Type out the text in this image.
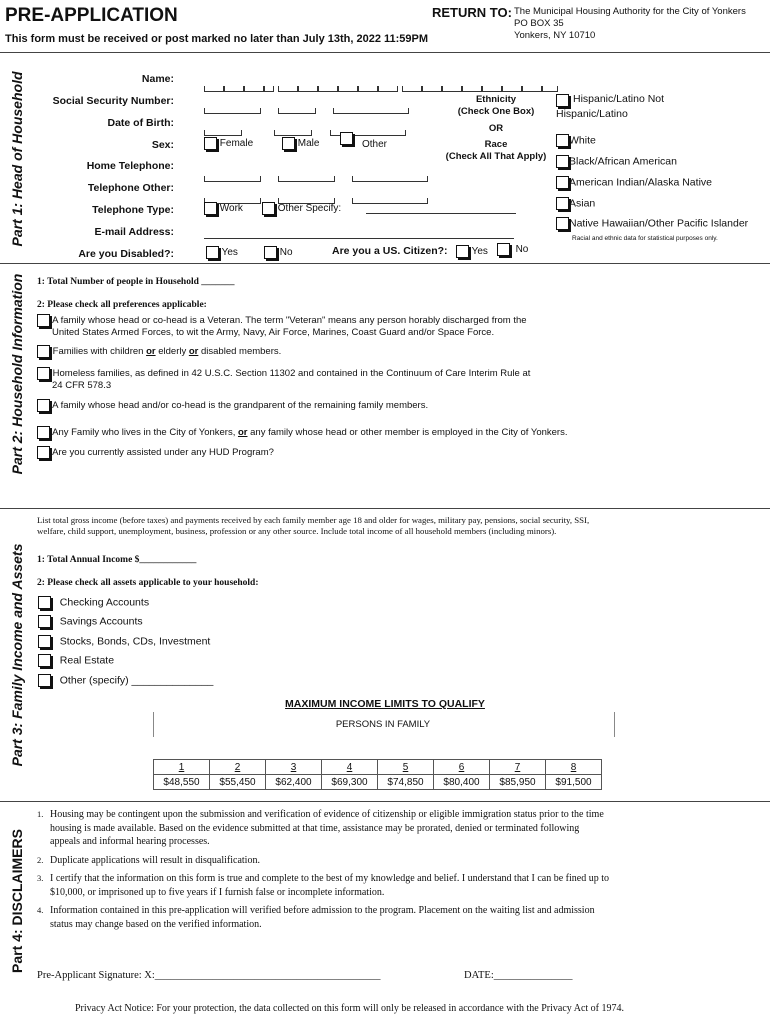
PRE-APPLICATION
This form must be received or post marked no later than July 13th, 2022 11:59PM
RETURN TO: The Municipal Housing Authority for the City of Yonkers
PO BOX 35
Yonkers, NY 10710
Part 1: Head of Household	Name:
Social Security Number:
Date of Birth:
Sex:	Female	Male	Other
Home Telephone:
Telephone Other:
Telephone Type:	Work	Other Specify:
E-mail Address:
Are you Disabled?:	Yes	No	Are you a US. Citizen?:	Yes	No
Ethnicity
(Check One Box)
OR
Race
(Check All That Apply)
Hispanic/Latino Not Hispanic/Latino
White
Black/African American
American Indian/Alaska Native
Asian
Native Hawaiian/Other Pacific Islander
Racial and ethnic data for statistical purposes only.
Part 2: Household Information 1: Total Number of people in Household _______
2: Please check all preferences applicable:
A family whose head or co-head is a Veteran. The term "Veteran" means any person horably discharged from the
United States Armed Forces, to wit the Army, Navy, Air Force, Marines, Coast Guard and/or Space Force.
Families with children or elderly or disabled members.
Homeless families, as defined in 42 U.S.C. Section 11302 and contained in the Continuum of Care Interim Rule at
24 CFR 578.3
A family whose head and/or co-head is the grandparent of the remaining family members.
Any Family who lives in the City of Yonkers, or any family whose head or other member is employed in the City of Yonkers.
Are you currently assisted under any HUD Program?
Part 3: Family Income and Assets
List total gross income (before taxes) and payments received by each family member age 18 and older for wages, military pay, pensions, social security, SSI,
welfare, child support, unemployment, business, profession or any other source. Include total income of all household members (including minors).
1: Total Annual Income $____________
2: Please check all assets applicable to your household:
Checking Accounts
Savings Accounts
Stocks, Bonds, CDs, Investment
Real Estate
Other (specify) ______________
MAXIMUM INCOME LIMITS TO QUALIFY
PERSONS IN FAMILY
1	2	3	4	5	6	7	8
$48,550	$55,450	$62,400	$69,300	$74,850	$80,400	$85,950	$91,500
Part 4: DISCLAIMERS
1. Housing may be contingent upon the submission and verification of evidence of citizenship or eligible immigration status prior to the time
housing is made available. Based on the evidence submitted at that time, assistance may be prorated, denied or terminated following
appeals and informal hearing processes.
2. Duplicate applications will result in disqualification.
3. I certify that the information on this form is true and complete to the best of my knowledge and belief. I understand that I can be fined up to
$10,000, or imprisoned up to five years if I furnish false or incomplete information.
4. Information contained in this pre-application will verified before admission to the program. Placement on the waiting list and admission
status may change based on the verified information.
Pre-Applicant Signature: X:___________________________________________	DATE:_______________
Privacy Act Notice: For your protection, the data collected on this form will only be released in accordance with the Privacy Act of 1974.
